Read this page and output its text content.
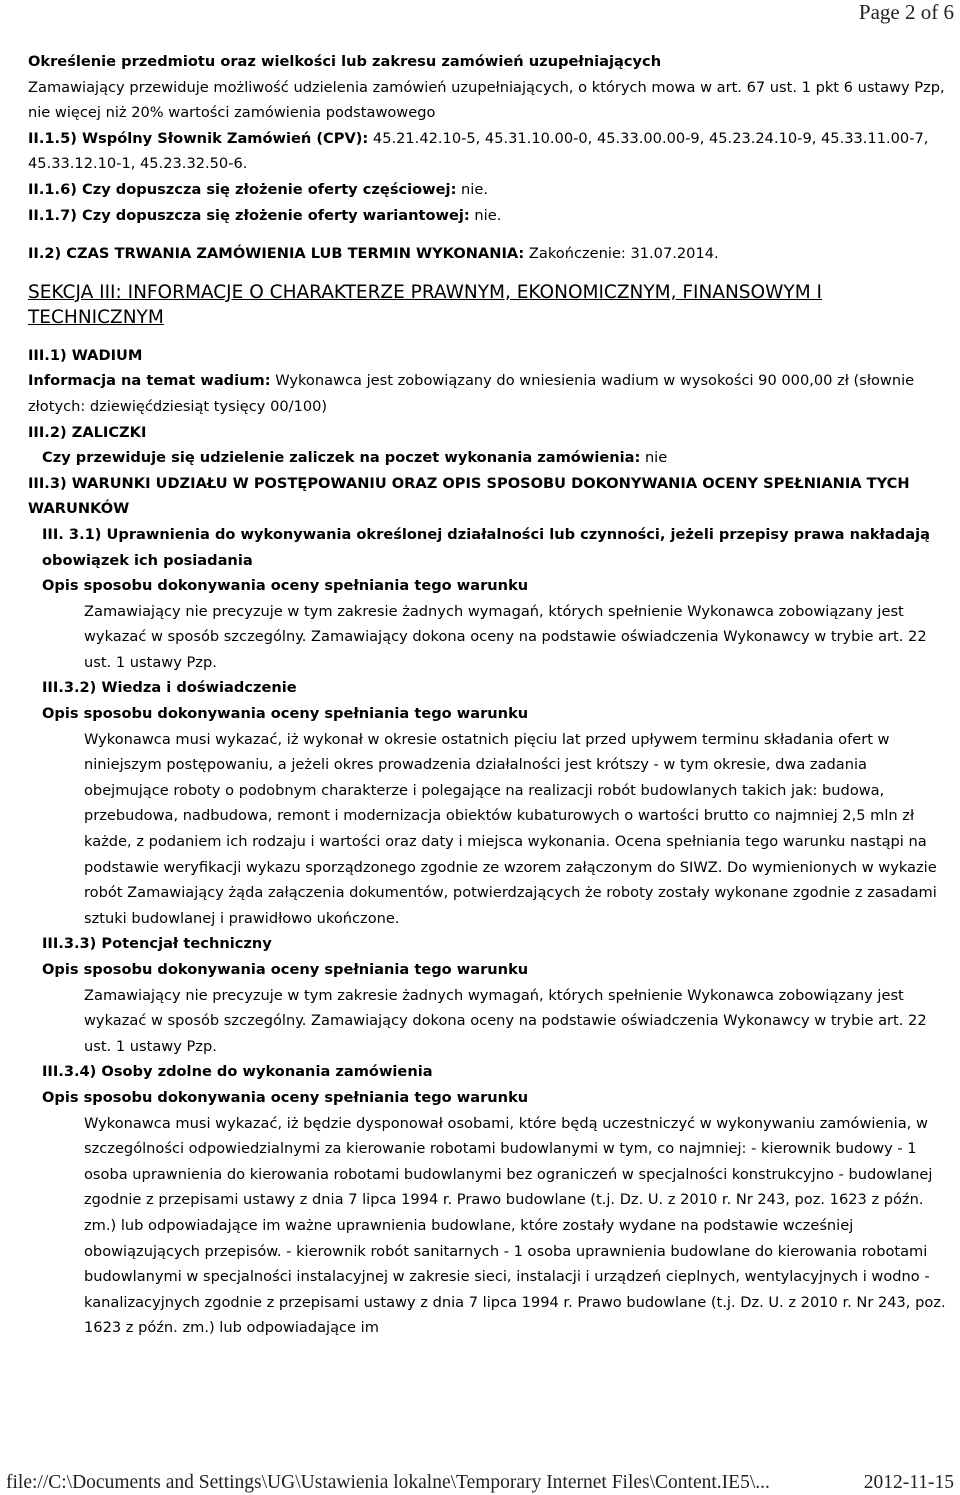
Page 2 of 6

Określenie przedmiotu oraz wielkości lub zakresu zamówień uzupełniających

Zamawiający przewiduje możliwość udzielenia zamówień uzupełniających, o których mowa w art. 67 ust. 1 pkt 6 ustawy Pzp, nie więcej niż 20% wartości zamówienia podstawowego

II.1.5) Wspólny Słownik Zamówień (CPV): 45.21.42.10-5, 45.31.10.00-0, 45.33.00.00-9, 45.23.24.10-9, 45.33.11.00-7, 45.33.12.10-1, 45.23.32.50-6.

II.1.6) Czy dopuszcza się złożenie oferty częściowej: nie.

II.1.7) Czy dopuszcza się złożenie oferty wariantowej: nie.

II.2) CZAS TRWANIA ZAMÓWIENIA LUB TERMIN WYKONANIA: Zakończenie: 31.07.2014.

SEKCJA III: INFORMACJE O CHARAKTERZE PRAWNYM, EKONOMICZNYM, FINANSOWYM I TECHNICZNYM

III.1) WADIUM

Informacja na temat wadium: Wykonawca jest zobowiązany do wniesienia wadium w wysokości 90 000,00 zł (słownie złotych: dziewięćdziesiąt tysięcy 00/100)

III.2) ZALICZKI

Czy przewiduje się udzielenie zaliczek na poczet wykonania zamówienia: nie

III.3) WARUNKI UDZIAŁU W POSTĘPOWANIU ORAZ OPIS SPOSOBU DOKONYWANIA OCENY SPEŁNIANIA TYCH WARUNKÓW

III. 3.1) Uprawnienia do wykonywania określonej działalności lub czynności, jeżeli przepisy prawa nakładają obowiązek ich posiadania

Opis sposobu dokonywania oceny spełniania tego warunku

Zamawiający nie precyzuje w tym zakresie żadnych wymagań, których spełnienie Wykonawca zobowiązany jest wykazać w sposób szczególny. Zamawiający dokona oceny na podstawie oświadczenia Wykonawcy w trybie art. 22 ust. 1 ustawy Pzp.

III.3.2) Wiedza i doświadczenie

Opis sposobu dokonywania oceny spełniania tego warunku

Wykonawca musi wykazać, iż wykonał w okresie ostatnich pięciu lat przed upływem terminu składania ofert w niniejszym postępowaniu, a jeżeli okres prowadzenia działalności jest krótszy - w tym okresie, dwa zadania obejmujące roboty o podobnym charakterze i polegające na realizacji robót budowlanych takich jak: budowa, przebudowa, nadbudowa, remont i modernizacja obiektów kubaturowych o wartości brutto co najmniej 2,5 mln zł każde, z podaniem ich rodzaju i wartości oraz daty i miejsca wykonania. Ocena spełniania tego warunku nastąpi na podstawie weryfikacji wykazu sporządzonego zgodnie ze wzorem załączonym do SIWZ. Do wymienionych w wykazie robót Zamawiający żąda załączenia dokumentów, potwierdzających że roboty zostały wykonane zgodnie z zasadami sztuki budowlanej i prawidłowo ukończone.

III.3.3) Potencjał techniczny

Opis sposobu dokonywania oceny spełniania tego warunku

Zamawiający nie precyzuje w tym zakresie żadnych wymagań, których spełnienie Wykonawca zobowiązany jest wykazać w sposób szczególny. Zamawiający dokona oceny na podstawie oświadczenia Wykonawcy w trybie art. 22 ust. 1 ustawy Pzp.

III.3.4) Osoby zdolne do wykonania zamówienia

Opis sposobu dokonywania oceny spełniania tego warunku

Wykonawca musi wykazać, iż będzie dysponował osobami, które będą uczestniczyć w wykonywaniu zamówienia, w szczególności odpowiedzialnymi za kierowanie robotami budowlanymi w tym, co najmniej: - kierownik budowy - 1 osoba uprawnienia do kierowania robotami budowlanymi bez ograniczeń w specjalności konstrukcyjno - budowlanej zgodnie z przepisami ustawy z dnia 7 lipca 1994 r. Prawo budowlane (t.j. Dz. U. z 2010 r. Nr 243, poz. 1623 z późn. zm.) lub odpowiadające im ważne uprawnienia budowlane, które zostały wydane na podstawie wcześniej obowiązujących przepisów. - kierownik robót sanitarnych - 1 osoba uprawnienia budowlane do kierowania robotami budowlanymi w specjalności instalacyjnej w zakresie sieci, instalacji i urządzeń cieplnych, wentylacyjnych i wodno - kanalizacyjnych zgodnie z przepisami ustawy z dnia 7 lipca 1994 r. Prawo budowlane (t.j. Dz. U. z 2010 r. Nr 243, poz. 1623 z późn. zm.) lub odpowiadające im

file://C:\Documents and Settings\UG\Ustawienia lokalne\Temporary Internet Files\Content.IE5\...	2012-11-15
